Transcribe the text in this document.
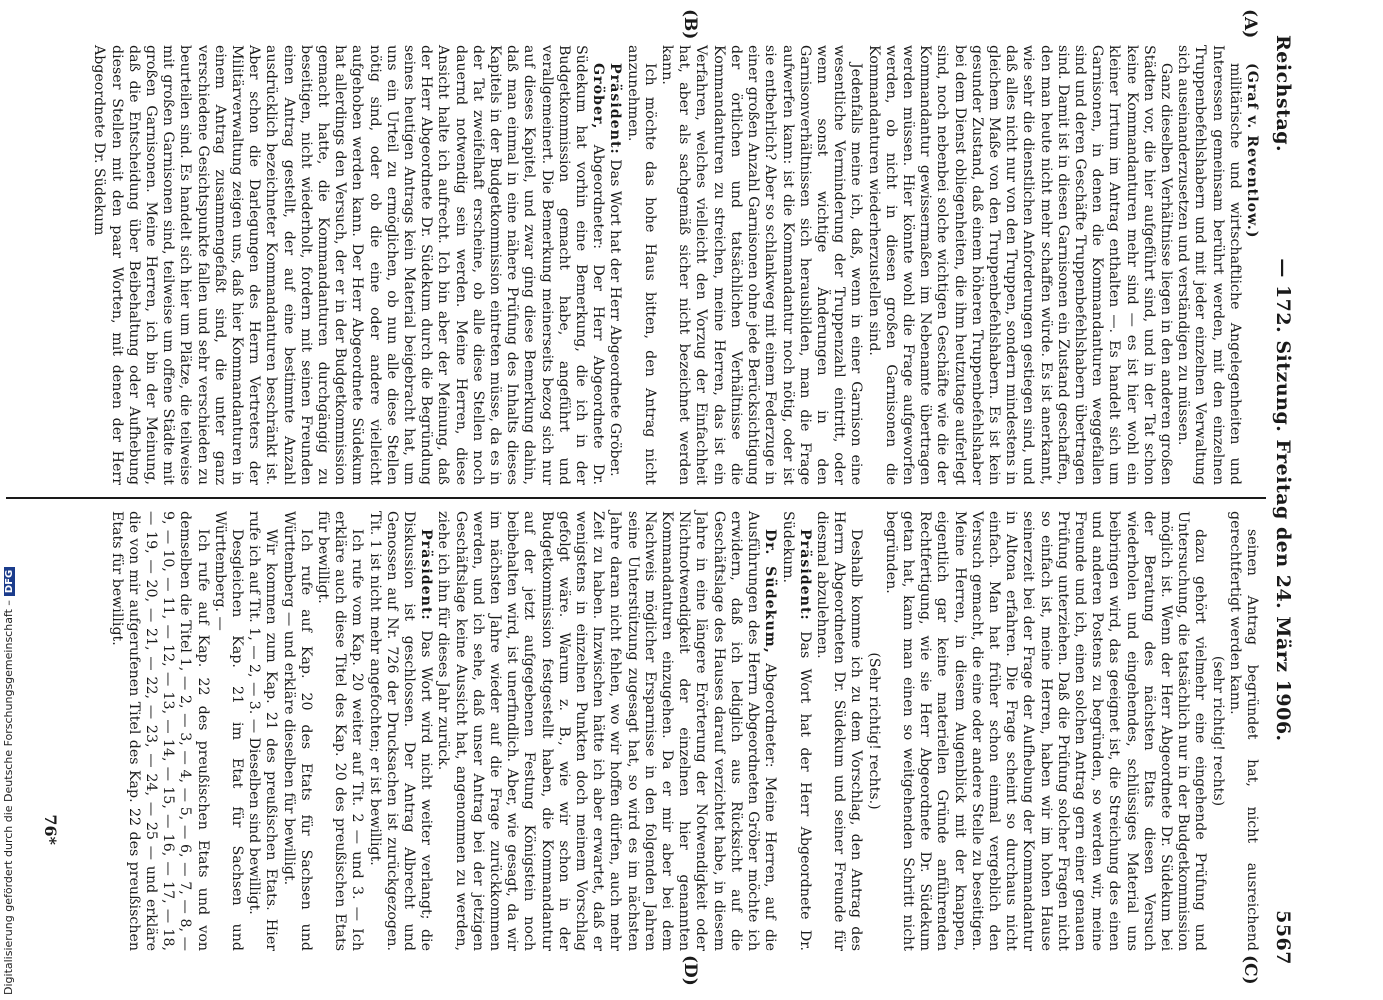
Reichstag.
— 172. Sitzung. Freitag den 24. März 1906.
5567
(A)
(B)
(C)
(D)

(Graf v. Reventlow.)

militärische und wirtschaftliche Angelegenheiten und Interessen gemeinsam berührt werden, mit den einzelnen Truppenbefehlshabern und mit jeder einzelnen Verwaltung sich auseinanderzusetzen und verständigen zu müssen.

Ganz dieselben Verhältnisse liegen in den anderen großen Städten vor, die hier aufgeführt sind, und in der Tat schon keine Kommandanturen mehr sind — es ist hier wohl ein kleiner Irrtum im Antrag enthalten —. Es handelt sich um Garnisonen, in denen die Kommandanturen weggefallen sind und deren Geschäfte Truppenbefehlshabern übertragen sind. Damit ist in diesen Garnisonen ein Zustand geschaffen, den man heute nicht mehr schaffen würde. Es ist anerkannt, wie sehr die dienstlichen Anforderungen gestiegen sind, und daß alles nicht nur von den Truppen, sondern mindestens in gleichem Maße von den Truppenbefehlshabern. Es ist kein gesunder Zustand, daß einem höheren Truppenbefehlshaber bei dem Dienst obliegenheiten, die ihm heutzutage auferlegt sind, noch nebenbei solche wichtigen Geschäfte wie die der Kommandantur gewissermaßen im Nebenamte übertragen werden müssen. Hier könnte wohl die Frage aufgeworfen werden, ob nicht in diesen großen Garnisonen die Kommandanturen wiederherzustellen sind.

Jedenfalls meine ich, daß, wenn in einer Garnison eine wesentliche Verminderung der Truppenzahl eintritt, oder wenn sonst wichtige Änderungen in den Garnisonverhältnissen sich herausbilden, man die Frage aufwerfen kann: ist die Kommandantur noch nötig, oder ist sie entbehrlich? Aber so schlankweg mit einem Federzuge in einer großen Anzahl Garnisonen ohne jede Berücksichtigung der örtlichen und tatsächlichen Verhältnisse die Kommandanturen zu streichen, meine Herren, das ist ein Verfahren, welches vielleicht den Vorzug der Einfachheit hat, aber als sachgemäß sicher nicht bezeichnet werden kann.

Ich möchte das hohe Haus bitten, den Antrag nicht anzunehmen.

Präsident: Das Wort hat der Herr Abgeordnete Gröber.

Gröber, Abgeordneter: Der Herr Abgeordnete Dr. Südekum hat vorhin eine Bemerkung, die ich in der Budgetkommission gemacht habe, angeführt und verallgemeinert. Die Bemerkung meinerseits bezog sich nur auf dieses Kapitel, und zwar ging diese Bemerkung dahin, daß man einmal in eine nähere Prüfung des Inhalts dieses Kapitels in der Budgetkommission eintreten müsse, da es in der Tat zweifelhaft erscheine, ob alle diese Stellen noch dauernd notwendig sein werden. Meine Herren, diese Ansicht halte ich aufrecht. Ich bin aber der Meinung, daß der Herr Abgeordnete Dr. Südekum durch die Begründung seines heutigen Antrags kein Material beigebracht hat, um uns ein Urteil zu ermöglichen, ob nun alle diese Stellen nötig sind, oder ob die eine oder andere vielleicht aufgehoben werden kann. Der Herr Abgeordnete Südekum hat allerdings den Versuch, der er in der Budgetkommission gemacht hatte, die Kommandanturen durchgängig zu beseitigen, nicht wiederholt, fordern mit seinen Freunden einen Antrag gestellt, der auf eine bestimmte Anzahl ausdrücklich bezeichneter Kommandanturen beschränkt ist. Aber schon die Darlegungen des Herrn Vertreters der Militärverwaltung zeigen uns, daß hier Kommandanturen in einem Antrag zusammengefaßt sind, die unter ganz verschiedene Gesichtspunkte fallen und sehr verschieden zu beurteilen sind. Es handelt sich hier um Plätze, die teilweise mit großen Garnisonen sind, teilweise um offene Städte mit großen Garnisonen. Meine Herren, ich bin der Meinung, daß die Entscheidung über Beibehaltung oder Aufhebung dieser Stellen mit den paar Worten, mit denen der Herr Abgeordnete Dr. Südekum

seinen Antrag begründet hat, nicht ausreichend gerechtfertigt werden kann.

(sehr richtig! rechts)

dazu gehört vielmehr eine eingehende Prüfung und Untersuchung, die tatsächlich nur in der Budgetkommission möglich ist. Wenn der Herr Abgeordnete Dr. Südekum bei der Beratung des nächsten Etats diesen Versuch wiederholen und eingehendes, schlüssiges Material uns beibringen wird, das geeignet ist, die Streichung des einen und anderen Postens zu begründen, so werden wir, meine Freunde und ich, einen solchen Antrag gern einer genauen Prüfung unterziehen. Daß die Prüfung solcher Fragen nicht so einfach ist, meine Herren, haben wir im hohen Hause seinerzeit bei der Frage der Aufhebung der Kommandantur in Altona erfahren. Die Frage scheint so durchaus nicht einfach. Man hat früher schon einmal vergeblich den Versuch gemacht, die eine oder andere Stelle zu beseitigen. Meine Herren, in diesem Augenblick mit der knappen, eigentlich gar keine materiellen Gründe anführenden Rechtfertigung, wie sie Herr Abgeordnete Dr. Südekum getan hat, kann man einen so weitgehenden Schritt nicht begründen.

(Sehr richtig! rechts.)

Deshalb komme ich zu dem Vorschlag, den Antrag des Herrn Abgeordneten Dr. Südekum und seiner Freunde für diesmal abzulehnen.

Präsident: Das Wort hat der Herr Abgeordnete Dr. Südekum.

Dr. Südekum, Abgeordneter: Meine Herren, auf die Ausführungen des Herrn Abgeordneten Gröber möchte ich erwidern, daß ich lediglich aus Rücksicht auf die Geschäftslage des Hauses darauf verzichtet habe, in diesem Jahre in eine längere Erörterung der Notwendigkeit oder Nichtnotwendigkeit der einzelnen hier genannten Kommandanturen einzugehen. Da er mir aber bei dem Nachweis möglicher Ersparnisse in den folgenden Jahren seine Unterstützung zugesagt hat, so wird es im nächsten Jahre daran nicht fehlen, wo wir hoffen dürfen, auch mehr Zeit zu haben. Inzwischen hätte ich aber erwartet, daß er wenigstens in einzelnen Punkten doch meinem Vorschlag gefolgt wäre. Warum z. B., wie wir schon in der Budgetkommission festgestellt haben, die Kommandantur auf der jetzt aufgegebenen Festung Königstein noch beibehalten wird, ist unerfindlich. Aber, wie gesagt, da wir im nächsten Jahre wieder auf die Frage zurückkommen werden, und ich sehe, daß unser Antrag bei der jetzigen Geschäftslage keine Aussicht hat, angenommen zu werden, ziehe ich ihn für dieses Jahr zurück.

Präsident: Das Wort wird nicht weiter verlangt; die Diskussion ist geschlossen. Der Antrag Albrecht und Genossen auf Nr. 726 der Drucksachen ist zurückgezogen. Tit. 1 ist nicht mehr angefochten; er ist bewilligt.

Ich rufe vom Kap. 20 weiter auf Tit. 2 — und 3. — Ich erkläre auch diese Titel des Kap. 20 des preußischen Etats für bewilligt.

Ich rufe auf Kap. 20 des Etats für Sachsen und Württemberg — und erkläre dieselben für bewilligt.

Wir kommen zum Kap. 21 des preußischen Etats. Hier rufe ich auf Tit. 1, — 2, — 3. — Dieselben sind bewilligt.

Desgleichen Kap. 21 im Etat für Sachsen und Württemberg. —

Ich rufe auf Kap. 22 des preußischen Etats und von demselben die Titel 1, — 2, — 3, — 4, — 5, — 6, — 7, — 8, — 9, — 10, — 11, — 12, — 13, — 14, — 15, — 16, — 17, — 18, — 19, — 20, — 21, — 22, — 23, — 24, — 25 — und erkläre die von mir aufgerufenen Titel des Kap. 22 des preußischen Etats für bewilligt.

76*
Digitalisierung gefördert durch die Deutsche Forschungsgemeinschaft –DFG
